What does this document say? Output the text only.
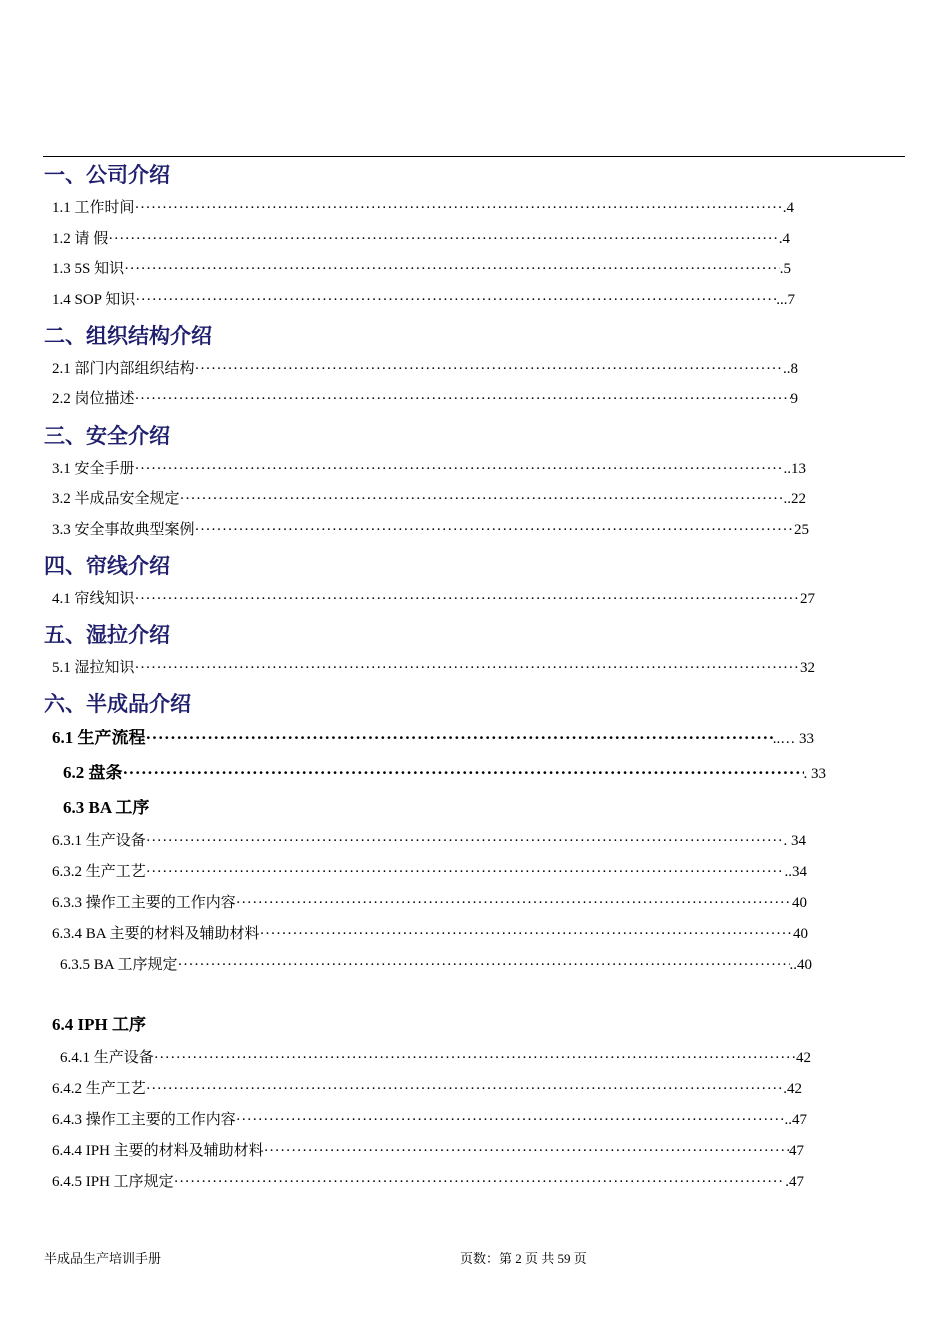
一、公司介绍
1.1 工作时间 ·····	.4
1.2 请 假 ·····	.4
1.3 5S 知识 ·····	.5
1.4 SOP 知识 ·····	...7
二、组织结构介绍
2.1 部门内部组织结构 ·····	..8
2.2 岗位描述 ·····	9
三、安全介绍
3.1 安全手册 ·····	..13
3.2 半成品安全规定 ·····	..22
3.3 安全事故典型案例 ·····	25
四、帘线介绍
4.1 帘线知识 ·····	27
五、湿拉介绍
5.1 湿拉知识 ·····	32
六、半成品介绍
6.1 生产流程 ·····	..… 33
6.2 盘条 ·····	. 33
6.3 BA 工序
6.3.1 生产设备 ·····	. 34
6.3.2 生产工艺 ·····	..34
6.3.3 操作工主要的工作内容 ·····	40
6.3.4 BA 主要的材料及辅助材料 ·····	40
6.3.5 BA 工序规定 ·····	..40
6.4 IPH 工序
6.4.1 生产设备 ·····	42
6.4.2 生产工艺 ·····	.42
6.4.3 操作工主要的工作内容 ·····	..47
6.4.4 IPH 主要的材料及辅助材料 ·····	47
6.4.5 IPH 工序规定 ·····	.47
半成品生产培训手册	页数：第 2 页 共 59 页
